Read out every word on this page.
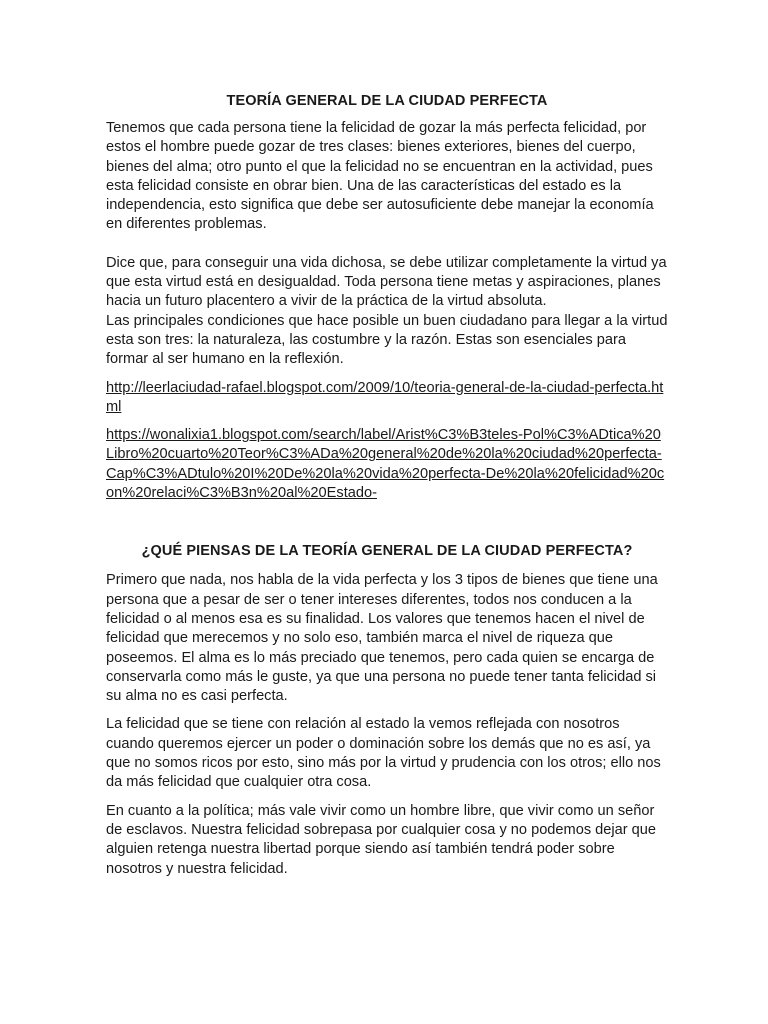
TEORÍA GENERAL DE LA CIUDAD PERFECTA

Tenemos que cada persona tiene la felicidad de gozar la más perfecta felicidad, por estos el hombre puede gozar de tres clases: bienes exteriores, bienes del cuerpo, bienes del alma; otro punto el que la felicidad no se encuentran en la actividad, pues esta felicidad consiste en obrar bien. Una de las características del estado es la independencia, esto significa que debe ser autosuficiente debe manejar la economía en diferentes problemas.

Dice que, para conseguir una vida dichosa, se debe utilizar completamente la virtud ya que esta virtud está en desigualdad. Toda persona tiene metas y aspiraciones, planes hacia un futuro placentero a vivir de la práctica de la virtud absoluta.

Las principales condiciones que hace posible un buen ciudadano para llegar a la virtud esta son tres: la naturaleza, las costumbre y la razón. Estas son esenciales para formar al ser humano en la reflexión.

http://leerlaciudad-rafael.blogspot.com/2009/10/teoria-general-de-la-ciudad-perfecta.html
https://wonalixia1.blogspot.com/search/label/Arist%C3%B3teles-Pol%C3%ADtica%20Libro%20cuarto%20Teor%C3%ADa%20general%20de%20la%20ciudad%20perfecta-Cap%C3%ADtulo%20I%20De%20la%20vida%20perfecta-De%20la%20felicidad%20con%20relaci%C3%B3n%20al%20Estado-
¿QUÉ PIENSAS DE LA TEORÍA GENERAL DE LA CIUDAD PERFECTA?

Primero que nada, nos habla de la vida perfecta y los 3 tipos de bienes que tiene una persona que a pesar de ser o tener intereses diferentes, todos nos conducen a la felicidad o al menos esa es su finalidad. Los valores que tenemos hacen el nivel de felicidad que merecemos y no solo eso, también marca el nivel de riqueza que poseemos. El alma es lo más preciado que tenemos, pero cada quien se encarga de conservarla como más le guste, ya que una persona no puede tener tanta felicidad si su alma no es casi perfecta.

La felicidad que se tiene con relación al estado la vemos reflejada con nosotros cuando queremos ejercer un poder o dominación sobre los demás que no es así, ya que no somos ricos por esto, sino más por la virtud y prudencia con los otros; ello nos da más felicidad que cualquier otra cosa.

En cuanto a la política; más vale vivir como un hombre libre, que vivir como un señor de esclavos. Nuestra felicidad sobrepasa por cualquier cosa y no podemos dejar que alguien retenga nuestra libertad porque siendo así también tendrá poder sobre nosotros y nuestra felicidad.
